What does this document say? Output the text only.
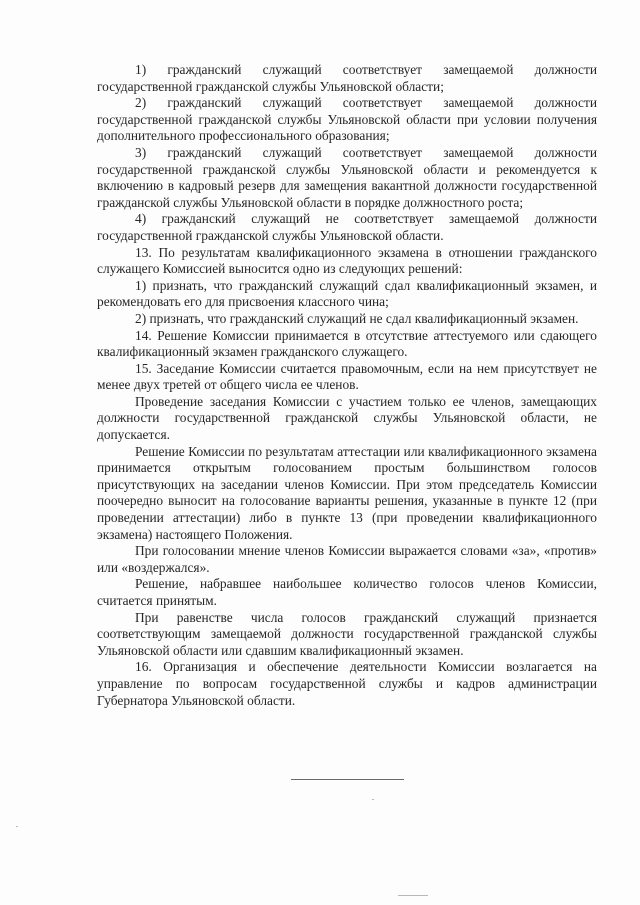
1) гражданский служащий соответствует замещаемой должности государственной гражданской службы Ульяновской области;

2) гражданский служащий соответствует замещаемой должности государственной гражданской службы Ульяновской области при условии получения дополнительного профессионального образования;

3) гражданский служащий соответствует замещаемой должности государственной гражданской службы Ульяновской области и рекомендуется к включению в кадровый резерв для замещения вакантной должности государственной гражданской службы Ульяновской области в порядке должностного роста;

4) гражданский служащий не соответствует замещаемой должности государственной гражданской службы Ульяновской области.

13. По результатам квалификационного экзамена в отношении гражданского служащего Комиссией выносится одно из следующих решений:

1) признать, что гражданский служащий сдал квалификационный экзамен, и рекомендовать его для присвоения классного чина;

2) признать, что гражданский служащий не сдал квалификационный экзамен.

14. Решение Комиссии принимается в отсутствие аттестуемого или сдающего квалификационный экзамен гражданского служащего.

15. Заседание Комиссии считается правомочным, если на нем присутствует не менее двух третей от общего числа ее членов.

Проведение заседания Комиссии с участием только ее членов, замещающих должности государственной гражданской службы Ульяновской области, не допускается.

Решение Комиссии по результатам аттестации или квалификационного экзамена принимается открытым голосованием простым большинством голосов присутствующих на заседании членов Комиссии. При этом председатель Комиссии поочередно выносит на голосование варианты решения, указанные в пункте 12 (при проведении аттестации) либо в пункте 13 (при проведении квалификационного экзамена) настоящего Положения.

При голосовании мнение членов Комиссии выражается словами «за», «против» или «воздержался».

Решение, набравшее наибольшее количество голосов членов Комиссии, считается принятым.

При равенстве числа голосов гражданский служащий признается соответствующим замещаемой должности государственной гражданской службы Ульяновской области или сдавшим квалификационный экзамен.

16. Организация и обеспечение деятельности Комиссии возлагается на управление по вопросам государственной службы и кадров администрации Губернатора Ульяновской области.
